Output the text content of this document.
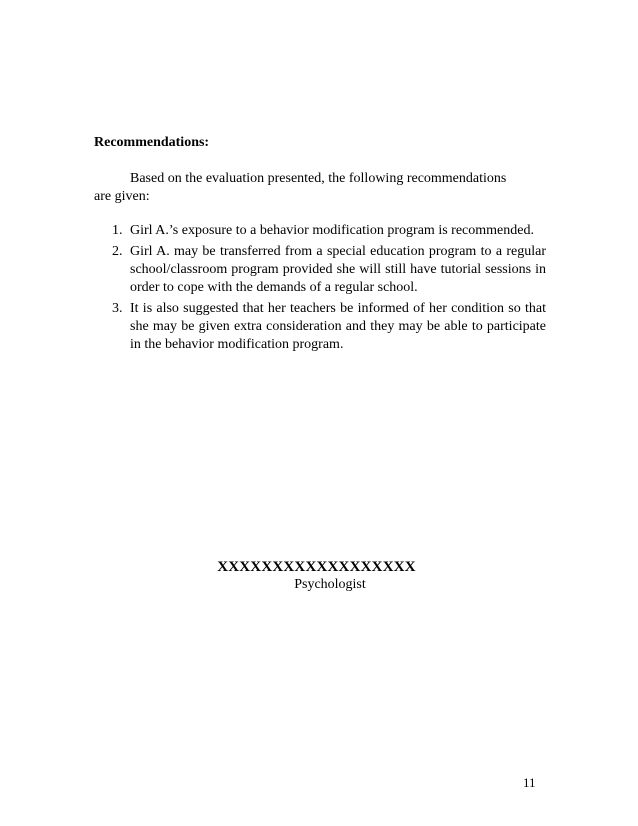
Recommendations:
Based on the evaluation presented, the following recommendations
are given:
1. Girl A.’s exposure to a behavior modification program is recommended.
2. Girl A. may be transferred from a special education program to a regular school/classroom program provided she will still have tutorial sessions in order to cope with the demands of a regular school.
3. It is also suggested that her teachers be informed of her condition so that she may be given extra consideration and they may be able to participate in the behavior modification program.
XXXXXXXXXXXXXXXXXX
Psychologist
11
